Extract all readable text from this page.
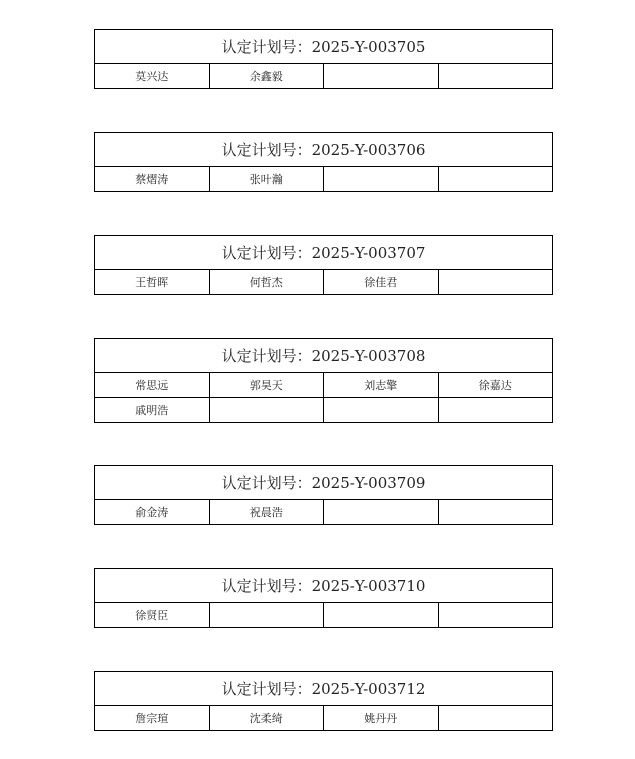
认定计划号：2025-Y-003705
莫兴达	余鑫毅		
认定计划号：2025-Y-003706
蔡熠涛	张叶瀚		
认定计划号：2025-Y-003707
王哲晖	何哲杰	徐佳君	
认定计划号：2025-Y-003708			
常思远	郭昊天	刘志擎	徐嘉达
戚明浩			
认定计划号：2025-Y-003709
俞金涛	祝晨浩		
认定计划号：2025-Y-003710
徐贤臣			
认定计划号：2025-Y-003712
詹宗瑄	沈柔绮	姚丹丹	
